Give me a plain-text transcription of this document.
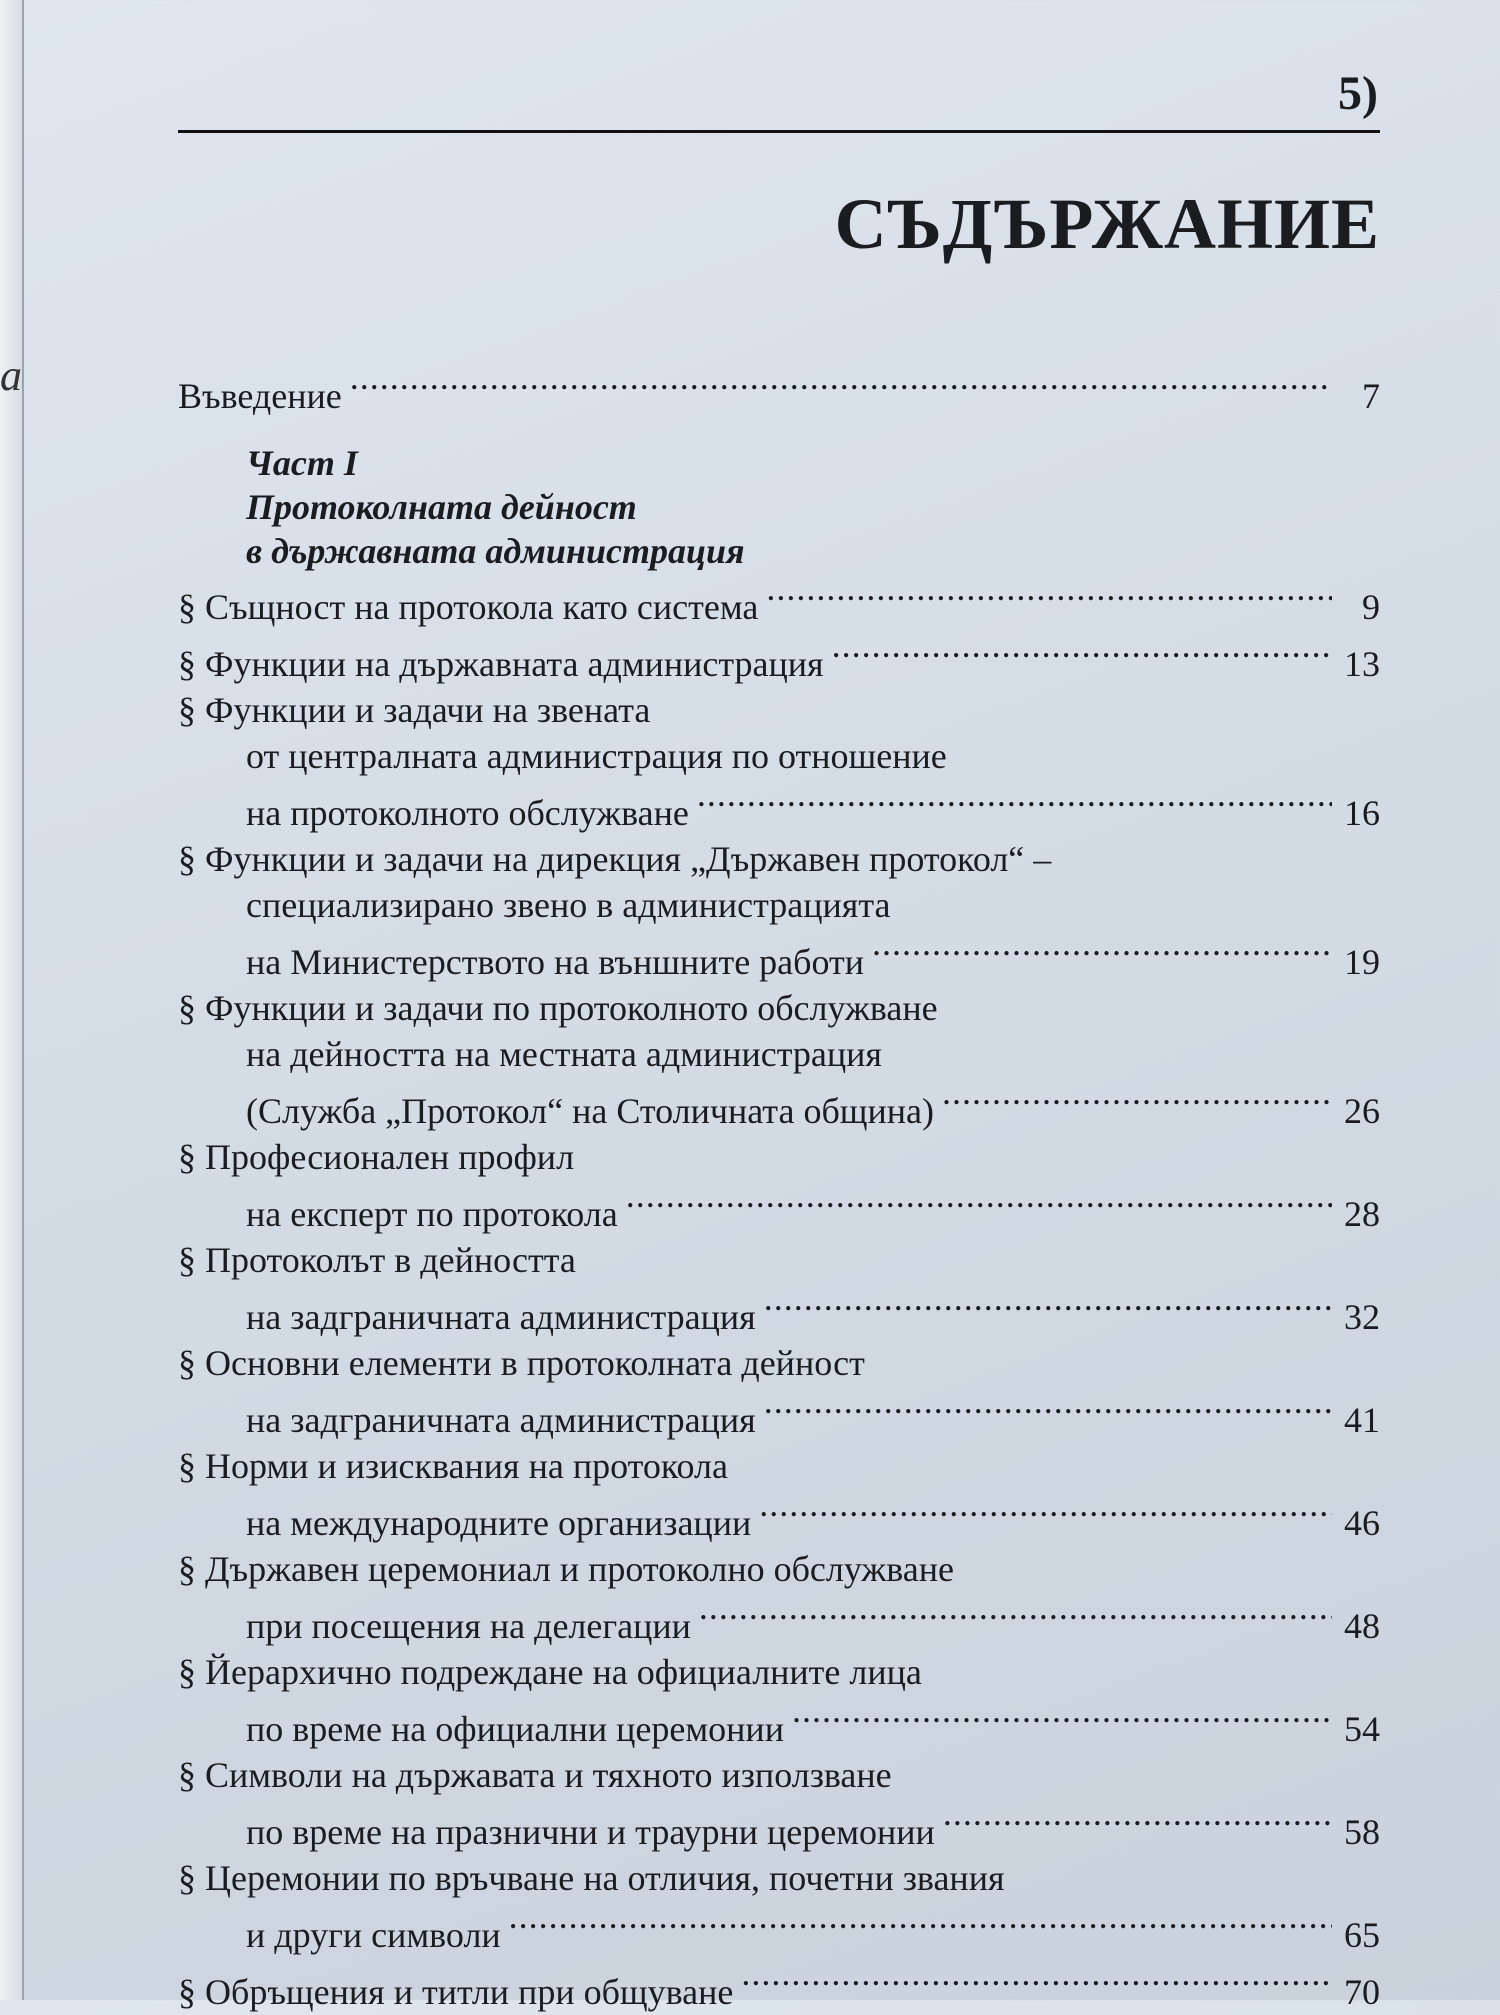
а
5)
СЪДЪРЖАНИЕ
Въведение .....	7
Част I
Протоколната дейност
в държавната администрация
§ Същност на протокола като система .....	9
§ Функции на държавната администрация .....	13
§ Функции и задачи на звената
от централната администрация по отношение
на протоколното обслужване .....	16
§ Функции и задачи на дирекция „Държавен протокол“ –
специализирано звено в администрацията
на Министерството на външните работи .....	19
§ Функции и задачи по протоколното обслужване
на дейността на местната администрация
(Служба „Протокол“ на Столичната община) .....	26
§ Професионален профил
на експерт по протокола .....	28
§ Протоколът в дейността
на задграничната администрация .....	32
§ Основни елементи в протоколната дейност
на задграничната администрация .....	41
§ Норми и изисквания на протокола
на международните организации .....	46
§ Държавен церемониал и протоколно обслужване
при посещения на делегации .....	48
§ Йерархично подреждане на официалните лица
по време на официални церемонии .....	54
§ Символи на държавата и тяхното използване
по време на празнични и траурни церемонии .....	58
§ Церемонии по връчване на отличия, почетни звания
и други символи .....	65
§ Обръщения и титли при общуване .....	70
